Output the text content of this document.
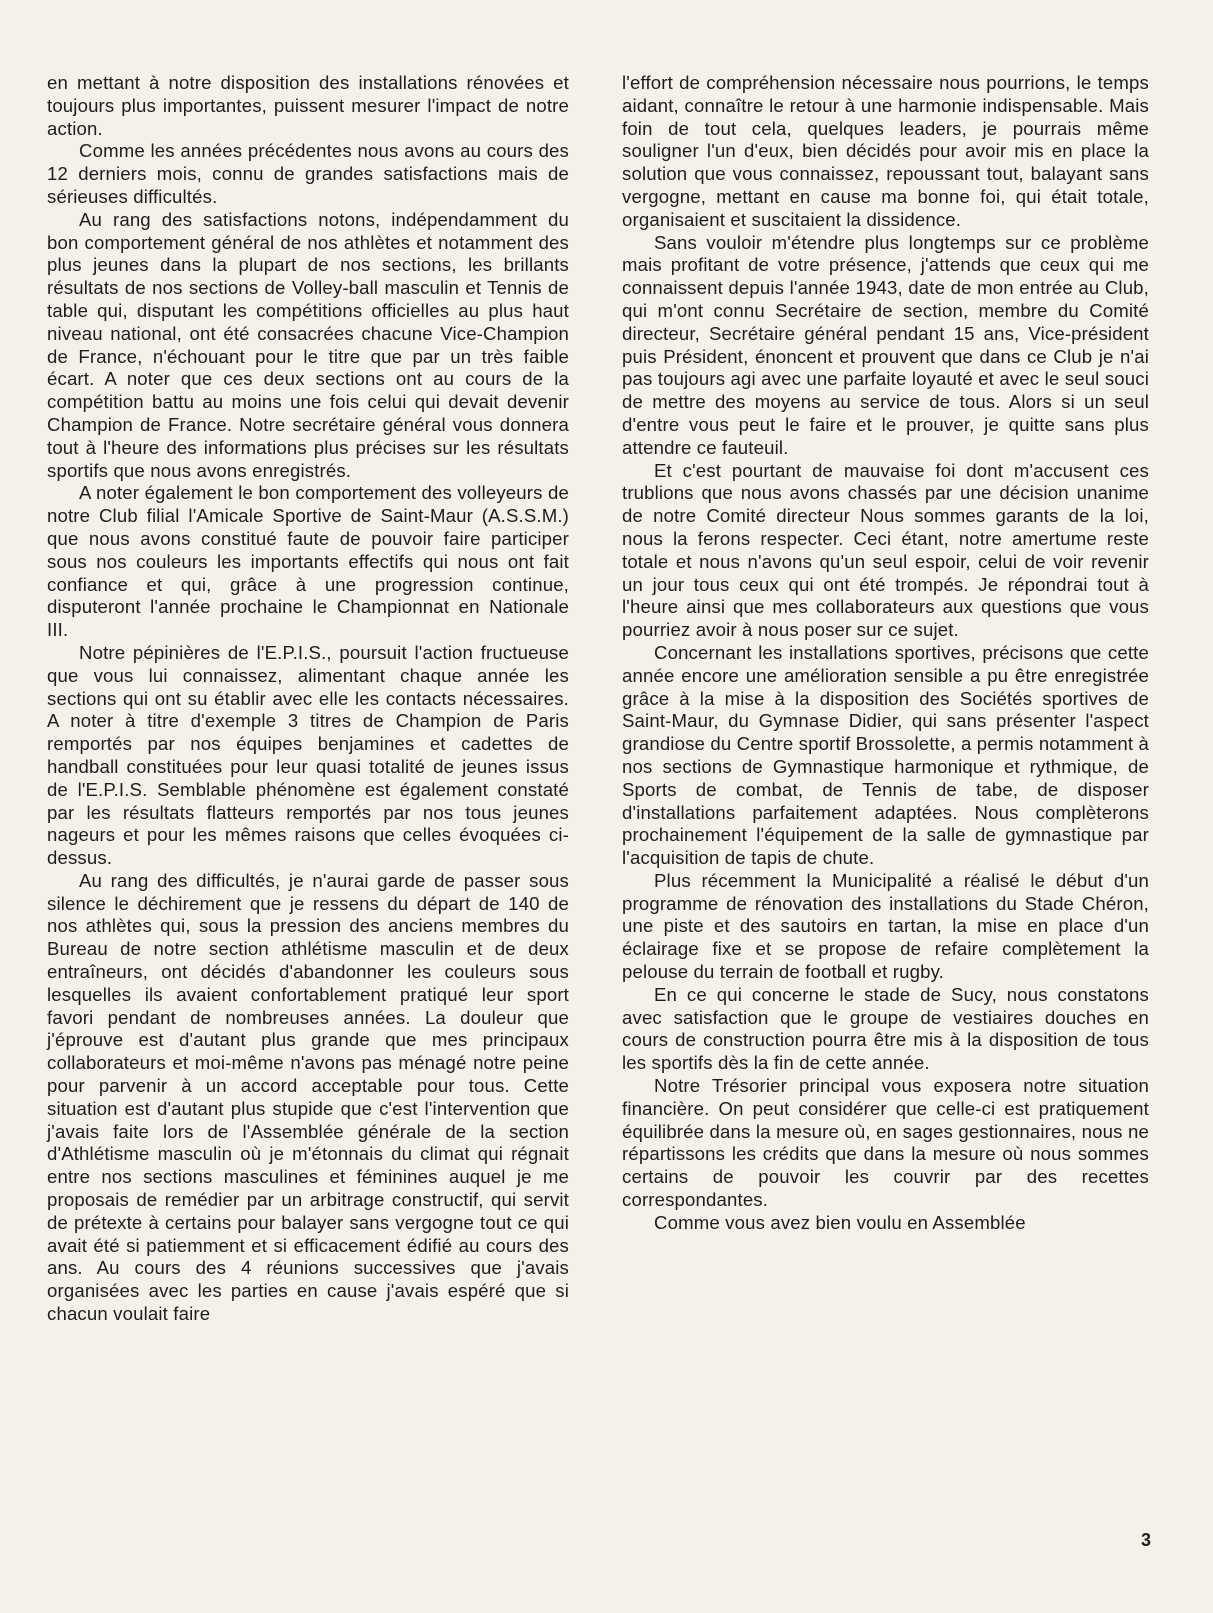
en mettant à notre disposition des installations rénovées et toujours plus importantes, puissent mesurer l'impact de notre action.

Comme les années précédentes nous avons au cours des 12 derniers mois, connu de grandes satisfactions mais de sérieuses difficultés.

Au rang des satisfactions notons, indépendamment du bon comportement général de nos athlètes et notamment des plus jeunes dans la plupart de nos sections, les brillants résultats de nos sections de Volley-ball masculin et Tennis de table qui, disputant les compétitions officielles au plus haut niveau national, ont été consacrées chacune Vice-Champion de France, n'échouant pour le titre que par un très faible écart. A noter que ces deux sections ont au cours de la compétition battu au moins une fois celui qui devait devenir Champion de France. Notre secrétaire général vous donnera tout à l'heure des informations plus précises sur les résultats sportifs que nous avons enregistrés.

A noter également le bon comportement des volleyeurs de notre Club filial l'Amicale Sportive de Saint-Maur (A.S.S.M.) que nous avons constitué faute de pouvoir faire participer sous nos couleurs les importants effectifs qui nous ont fait confiance et qui, grâce à une progression continue, disputeront l'année prochaine le Championnat en Nationale III.

Notre pépinières de l'E.P.I.S., poursuit l'action fructueuse que vous lui connaissez, alimentant chaque année les sections qui ont su établir avec elle les contacts nécessaires. A noter à titre d'exemple 3 titres de Champion de Paris remportés par nos équipes benjamines et cadettes de handball constituées pour leur quasi totalité de jeunes issus de l'E.P.I.S. Semblable phénomène est également constaté par les résultats flatteurs remportés par nos tous jeunes nageurs et pour les mêmes raisons que celles évoquées ci-dessus.

Au rang des difficultés, je n'aurai garde de passer sous silence le déchirement que je ressens du départ de 140 de nos athlètes qui, sous la pression des anciens membres du Bureau de notre section athlétisme masculin et de deux entraîneurs, ont décidés d'abandonner les couleurs sous lesquelles ils avaient confortablement pratiqué leur sport favori pendant de nombreuses années. La douleur que j'éprouve est d'autant plus grande que mes principaux collaborateurs et moi-même n'avons pas ménagé notre peine pour parvenir à un accord acceptable pour tous. Cette situation est d'autant plus stupide que c'est l'intervention que j'avais faite lors de l'Assemblée générale de la section d'Athlétisme masculin où je m'étonnais du climat qui régnait entre nos sections masculines et féminines auquel je me proposais de remédier par un arbitrage constructif, qui servit de prétexte à certains pour balayer sans vergogne tout ce qui avait été si patiemment et si efficacement édifié au cours des ans. Au cours des 4 réunions successives que j'avais organisées avec les parties en cause j'avais espéré que si chacun voulait faire

l'effort de compréhension nécessaire nous pourrions, le temps aidant, connaître le retour à une harmonie indispensable. Mais foin de tout cela, quelques leaders, je pourrais même souligner l'un d'eux, bien décidés pour avoir mis en place la solution que vous connaissez, repoussant tout, balayant sans vergogne, mettant en cause ma bonne foi, qui était totale, organisaient et suscitaient la dissidence.

Sans vouloir m'étendre plus longtemps sur ce problème mais profitant de votre présence, j'attends que ceux qui me connaissent depuis l'année 1943, date de mon entrée au Club, qui m'ont connu Secrétaire de section, membre du Comité directeur, Secrétaire général pendant 15 ans, Vice-président puis Président, énoncent et prouvent que dans ce Club je n'ai pas toujours agi avec une parfaite loyauté et avec le seul souci de mettre des moyens au service de tous. Alors si un seul d'entre vous peut le faire et le prouver, je quitte sans plus attendre ce fauteuil.

Et c'est pourtant de mauvaise foi dont m'accusent ces trublions que nous avons chassés par une décision unanime de notre Comité directeur Nous sommes garants de la loi, nous la ferons respecter. Ceci étant, notre amertume reste totale et nous n'avons qu'un seul espoir, celui de voir revenir un jour tous ceux qui ont été trompés. Je répondrai tout à l'heure ainsi que mes collaborateurs aux questions que vous pourriez avoir à nous poser sur ce sujet.

Concernant les installations sportives, précisons que cette année encore une amélioration sensible a pu être enregistrée grâce à la mise à la disposition des Sociétés sportives de Saint-Maur, du Gymnase Didier, qui sans présenter l'aspect grandiose du Centre sportif Brossolette, a permis notamment à nos sections de Gymnastique harmonique et rythmique, de Sports de combat, de Tennis de tabe, de disposer d'installations parfaitement adaptées. Nous complèterons prochainement l'équipement de la salle de gymnastique par l'acquisition de tapis de chute.

Plus récemment la Municipalité a réalisé le début d'un programme de rénovation des installations du Stade Chéron, une piste et des sautoirs en tartan, la mise en place d'un éclairage fixe et se propose de refaire complètement la pelouse du terrain de football et rugby.

En ce qui concerne le stade de Sucy, nous constatons avec satisfaction que le groupe de vestiaires douches en cours de construction pourra être mis à la disposition de tous les sportifs dès la fin de cette année.

Notre Trésorier principal vous exposera notre situation financière. On peut considérer que celle-ci est pratiquement équilibrée dans la mesure où, en sages gestionnaires, nous ne répartissons les crédits que dans la mesure où nous sommes certains de pouvoir les couvrir par des recettes correspondantes.

Comme vous avez bien voulu en Assemblée

3
